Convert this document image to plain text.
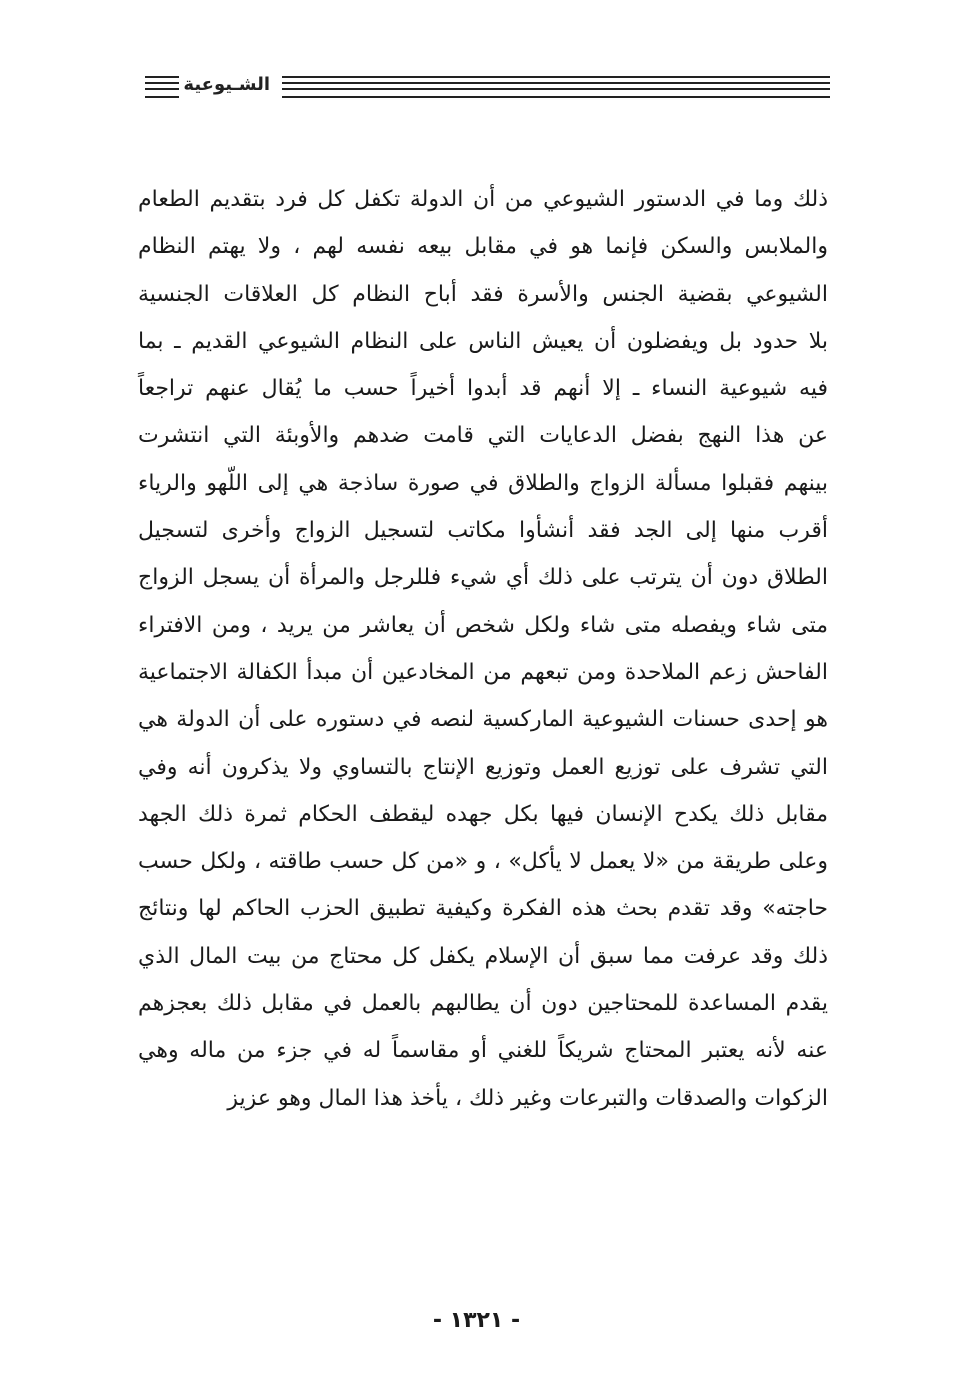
الشـيوعية
ذلك وما في الدستور الشيوعي من أن الدولة تكفل كل فرد بتقديم الطعام
والملابس والسكن فإنما هو في مقابل بيعه نفسه لهم ، ولا يهتم النظام
الشيوعي بقضية الجنس والأسرة فقد أباح النظام كل العلاقات الجنسية
بلا حدود بل ويفضلون أن يعيش الناس على النظام الشيوعي القديم ـ بما
فيه شيوعية النساء ـ إلا أنهم قد أبدوا أخيراً حسب ما يُقال عنهم تراجعاً
عن هذا النهج بفضل الدعايات التي قامت ضدهم والأوبئة التي انتشرت
بينهم فقبلوا مسألة الزواج والطلاق في صورة ساذجة هي إلى اللّهو والرياء
أقرب منها إلى الجد فقد أنشأوا مكاتب لتسجيل الزواج وأخرى لتسجيل
الطلاق دون أن يترتب على ذلك أي شيء فللرجل والمرأة أن يسجل الزواج
متى شاء ويفصله متى شاء ولكل شخص أن يعاشر من يريد ، ومن الافتراء
الفاحش زعم الملاحدة ومن تبعهم من المخادعين أن مبدأ الكفالة الاجتماعية
هو إحدى حسنات الشيوعية الماركسية لنصه في دستوره على أن الدولة هي
التي تشرف على توزيع العمل وتوزيع الإنتاج بالتساوي ولا يذكرون أنه وفي
مقابل ذلك يكدح الإنسان فيها بكل جهده ليقطف الحكام ثمرة ذلك الجهد
وعلى طريقة من «لا يعمل لا يأكل» ، و «من كل حسب طاقته ، ولكل حسب
حاجته» وقد تقدم بحث هذه الفكرة وكيفية تطبيق الحزب الحاكم لها ونتائج
ذلك وقد عرفت مما سبق أن الإسلام يكفل كل محتاج من بيت المال الذي
يقدم المساعدة للمحتاجين دون أن يطالبهم بالعمل في مقابل ذلك بعجزهم
عنه لأنه يعتبر المحتاج شريكاً للغني أو مقاسماً له في جزء من ماله وهي
الزكوات والصدقات والتبرعات وغير ذلك ، يأخذ هذا المال وهو عزيز
- ١٣٢١ -
